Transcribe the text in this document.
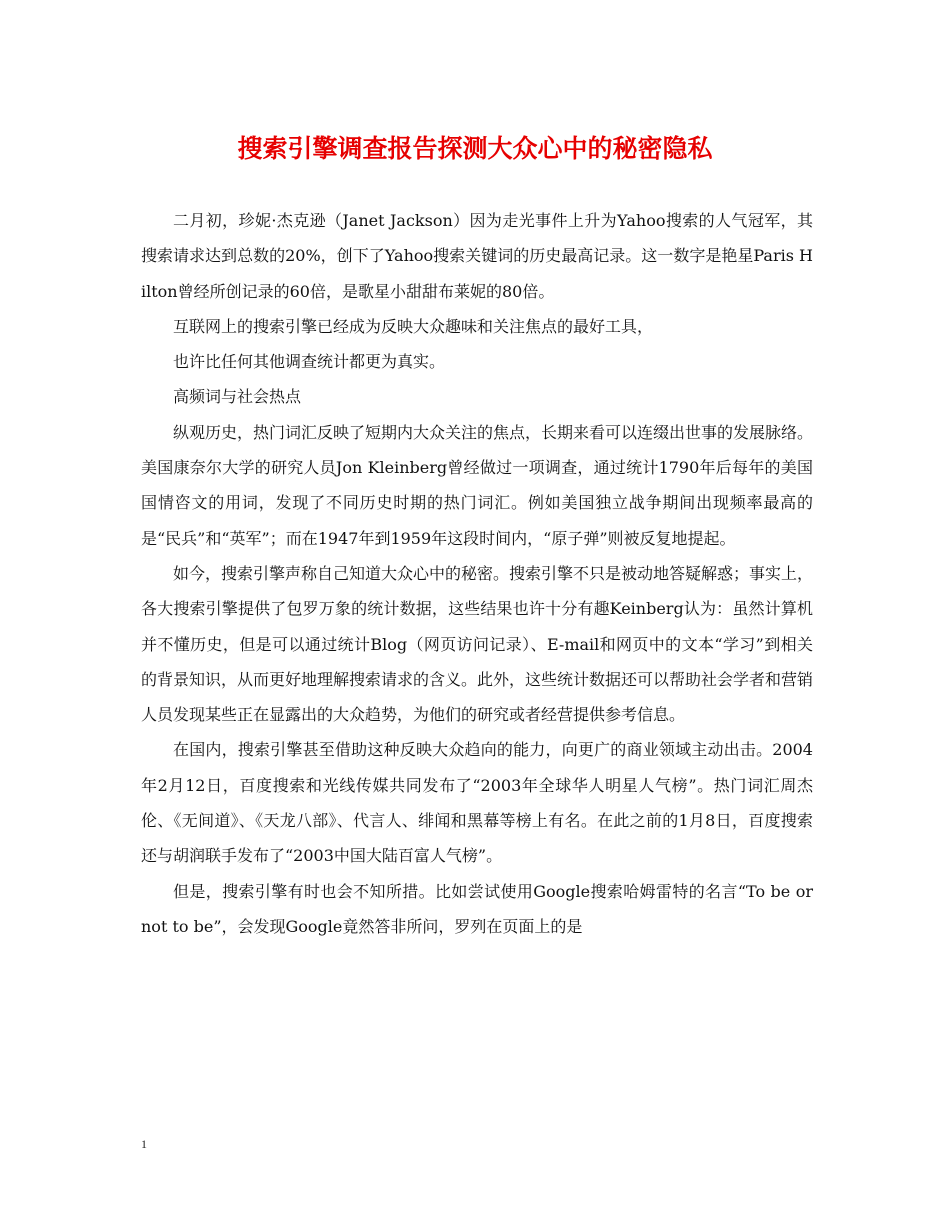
搜索引擎调查报告探测大众心中的秘密隐私

二月初，珍妮·杰克逊（Janet Jackson）因为走光事件上升为Yahoo搜索的人气冠军，其搜索请求达到总数的20%，创下了Yahoo搜索关键词的历史最高记录。这一数字是艳星Paris Hilton曾经所创记录的60倍，是歌星小甜甜布莱妮的80倍。

互联网上的搜索引擎已经成为反映大众趣味和关注焦点的最好工具，

也许比任何其他调查统计都更为真实。

高频词与社会热点

纵观历史，热门词汇反映了短期内大众关注的焦点，长期来看可以连缀出世事的发展脉络。美国康奈尔大学的研究人员Jon Kleinberg曾经做过一项调查，通过统计1790年后每年的美国国情咨文的用词，发现了不同历史时期的热门词汇。例如美国独立战争期间出现频率最高的是“民兵”和“英军”；而在1947年到1959年这段时间内，“原子弹”则被反复地提起。

如今，搜索引擎声称自己知道大众心中的秘密。搜索引擎不只是被动地答疑解惑；事实上，各大搜索引擎提供了包罗万象的统计数据，这些结果也许十分有趣Keinberg认为：虽然计算机并不懂历史，但是可以通过统计Blog（网页访问记录）、E-mail和网页中的文本“学习”到相关的背景知识，从而更好地理解搜索请求的含义。此外，这些统计数据还可以帮助社会学者和营销人员发现某些正在显露出的大众趋势，为他们的研究或者经营提供参考信息。

在国内，搜索引擎甚至借助这种反映大众趋向的能力，向更广的商业领域主动出击。2004年2月12日，百度搜索和光线传媒共同发布了“2003年全球华人明星人气榜”。热门词汇周杰伦、《无间道》、《天龙八部》、代言人、绯闻和黑幕等榜上有名。在此之前的1月8日，百度搜索还与胡润联手发布了“2003中国大陆百富人气榜”。

但是，搜索引擎有时也会不知所措。比如尝试使用Google搜索哈姆雷特的名言“To be or not to be”，会发现Google竟然答非所问，罗列在页面上的是

1
